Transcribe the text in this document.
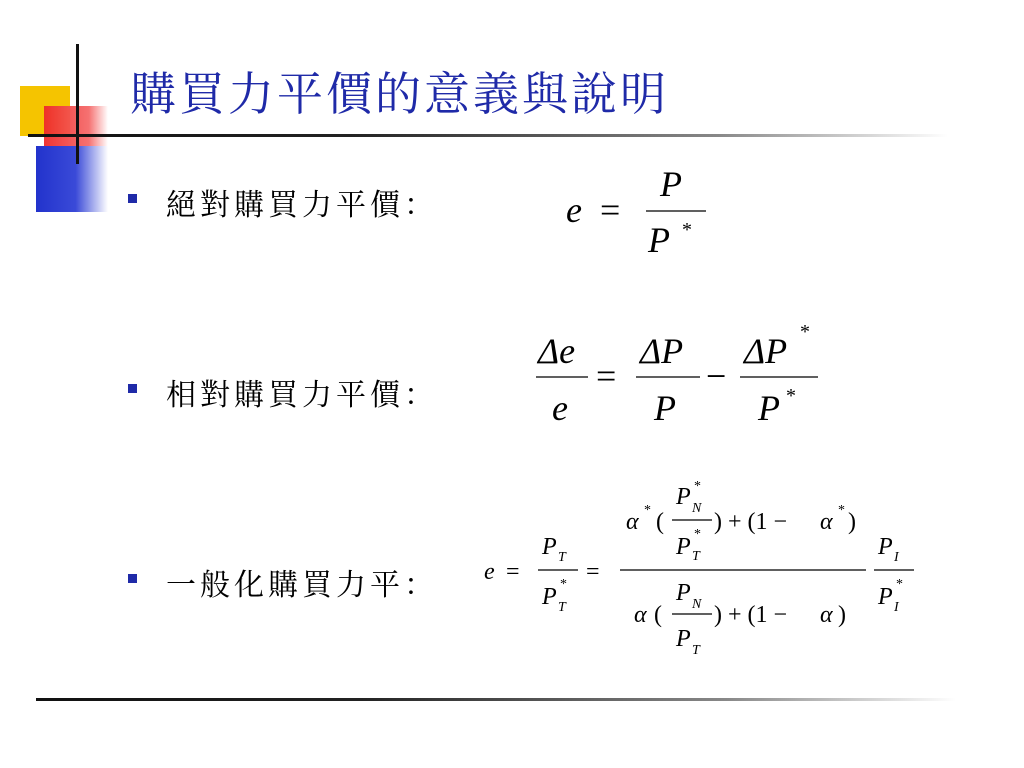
購買力平價的意義與說明
絕對購買力平價：
相對購買力平價：
一般化購買力平：
e =
P
P *
Δe
e
=
ΔP
P
−
ΔP *
P *
e =
P T
P *
T
=
α * (
P *
N
P *
T
) + (1 − α * )
α (
P N
P T
) + (1 − α )
P I
P *
I
